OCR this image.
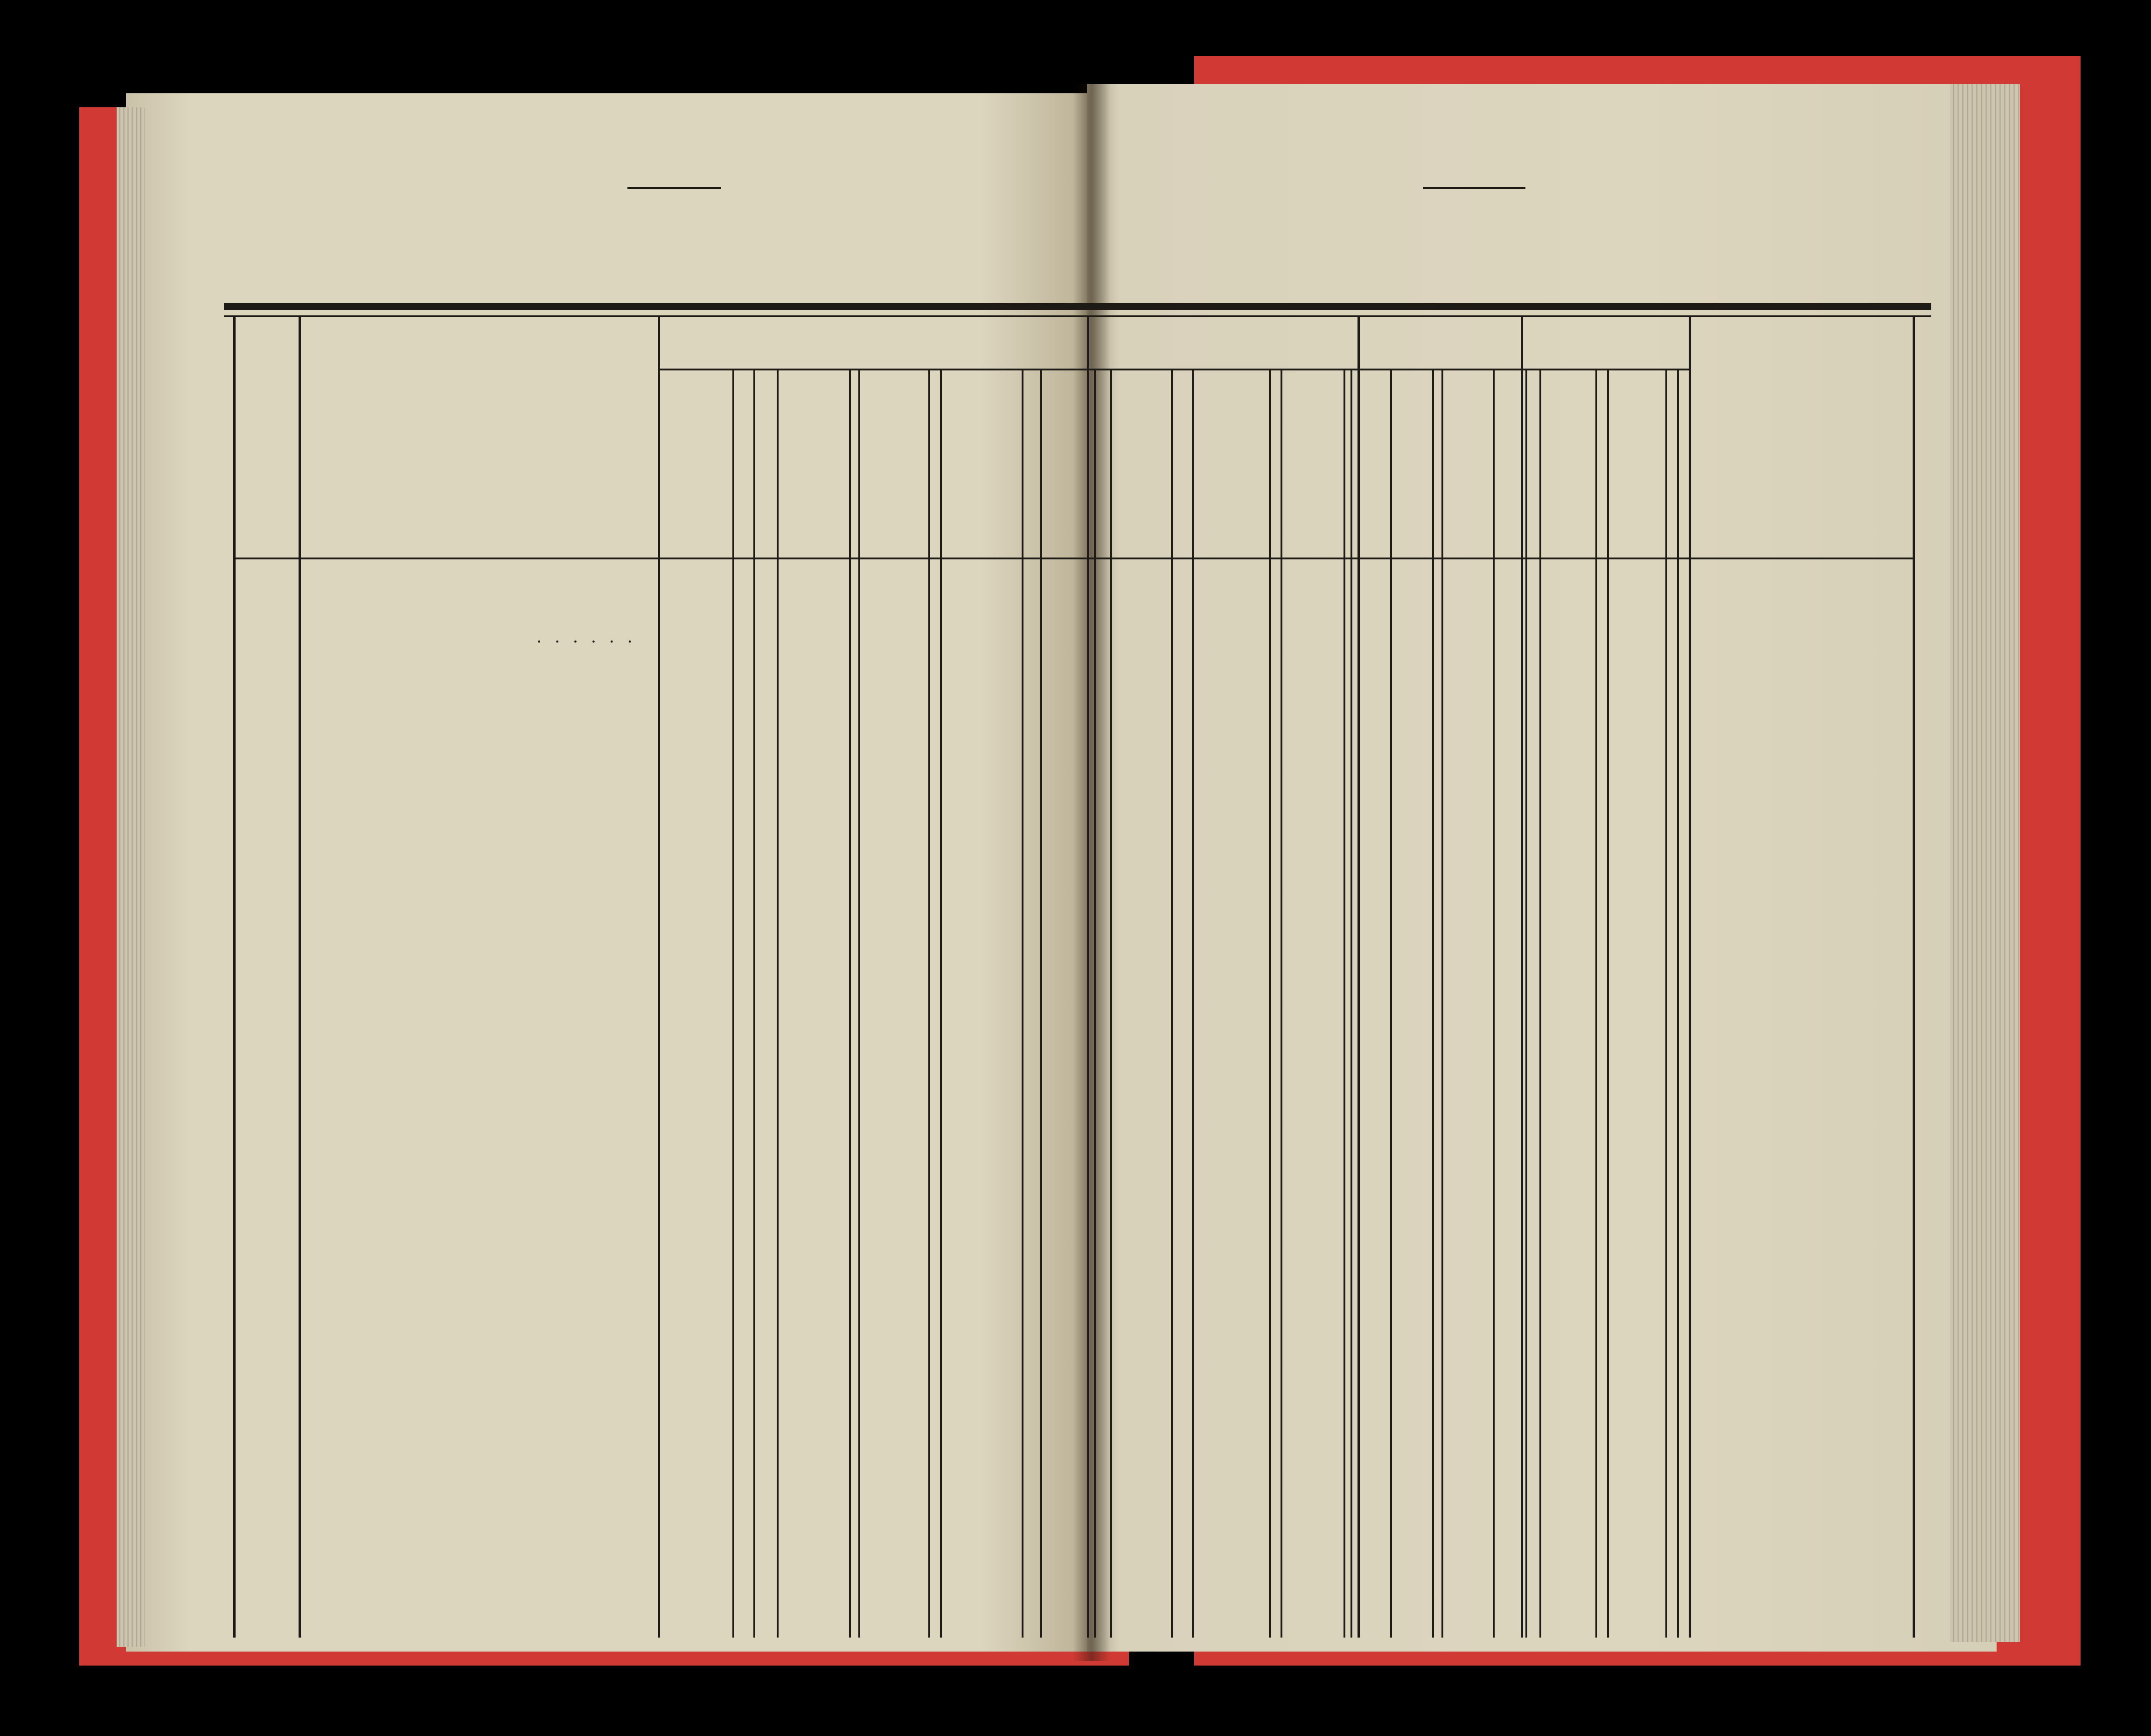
. . . . . .
